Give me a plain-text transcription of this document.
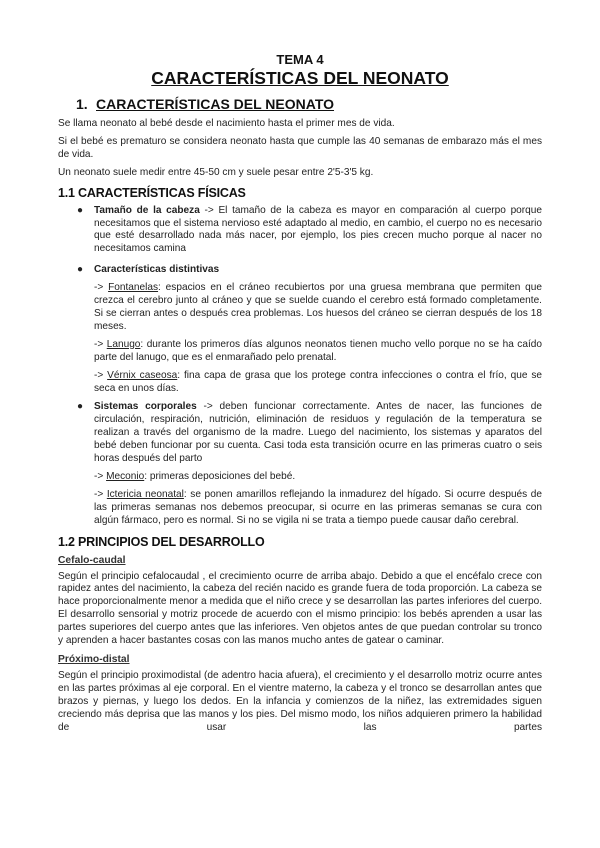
TEMA 4
CARACTERÍSTICAS DEL NEONATO
1. CARACTERÍSTICAS DEL NEONATO

Se llama neonato al bebé desde el nacimiento hasta el primer mes de vida.

Si el bebé es prematuro se considera neonato hasta que cumple las 40 semanas de embarazo más el mes de vida.

Un neonato suele medir entre 45-50 cm y suele pesar entre 2'5-3'5 kg.

1.1 CARACTERÍSTICAS FÍSICAS
● Tamaño de la cabeza -> El tamaño de la cabeza es mayor en comparación al cuerpo porque necesitamos que el sistema nervioso esté adaptado al medio, en cambio, el cuerpo no es necesario que esté desarrollado nada más nacer, por ejemplo, los pies crecen mucho porque al nacer no necesitamos camina

● Características distintivas

-> Fontanelas: espacios en el cráneo recubiertos por una gruesa membrana que permiten que crezca el cerebro junto al cráneo y que se suelde cuando el cerebro está formado completamente. Si se cierran antes o después crea problemas. Los huesos del cráneo se cierran después de los 18 meses.

-> Lanugo: durante los primeros días algunos neonatos tienen mucho vello porque no se ha caído parte del lanugo, que es el enmarañado pelo prenatal.

-> Vérnix caseosa: fina capa de grasa que los protege contra infecciones o contra el frío, que se seca en unos días.

● Sistemas corporales -> deben funcionar correctamente. Antes de nacer, las funciones de circulación, respiración, nutrición, eliminación de residuos y regulación de la temperatura se realizan a través del organismo de la madre. Luego del nacimiento, los sistemas y aparatos del bebé deben funcionar por su cuenta. Casi toda esta transición ocurre en las primeras cuatro o seis horas después del parto

-> Meconio: primeras deposiciones del bebé.

-> Ictericia neonatal: se ponen amarillos reflejando la inmadurez del hígado. Si ocurre después de las primeras semanas nos debemos preocupar, si ocurre en las primeras semanas se cura con algún fármaco, pero es normal. Si no se vigila ni se trata a tiempo puede causar daño cerebral.

1.2 PRINCIPIOS DEL DESARROLLO
Cefalo-caudal

Según el principio cefalocaudal , el crecimiento ocurre de arriba abajo. Debido a que el encéfalo crece con rapidez antes del nacimiento, la cabeza del recién nacido es grande fuera de toda proporción. La cabeza se hace proporcionalmente menor a medida que el niño crece y se desarrollan las partes inferiores del cuerpo. El desarrollo sensorial y motriz procede de acuerdo con el mismo principio: los bebés aprenden a usar las partes superiores del cuerpo antes que las inferiores. Ven objetos antes de que puedan controlar su tronco y aprenden a hacer bastantes cosas con las manos mucho antes de gatear o caminar.

Próximo-distal

Según el principio proximodistal (de adentro hacia afuera), el crecimiento y el desarrollo motriz ocurre antes en las partes próximas al eje corporal. En el vientre materno, la cabeza y el tronco se desarrollan antes que brazos y piernas, y luego los dedos. En la infancia y comienzos de la niñez, las extremidades siguen creciendo más deprisa que las manos y los pies. Del mismo modo, los niños adquieren primero la habilidad de usar las partes
